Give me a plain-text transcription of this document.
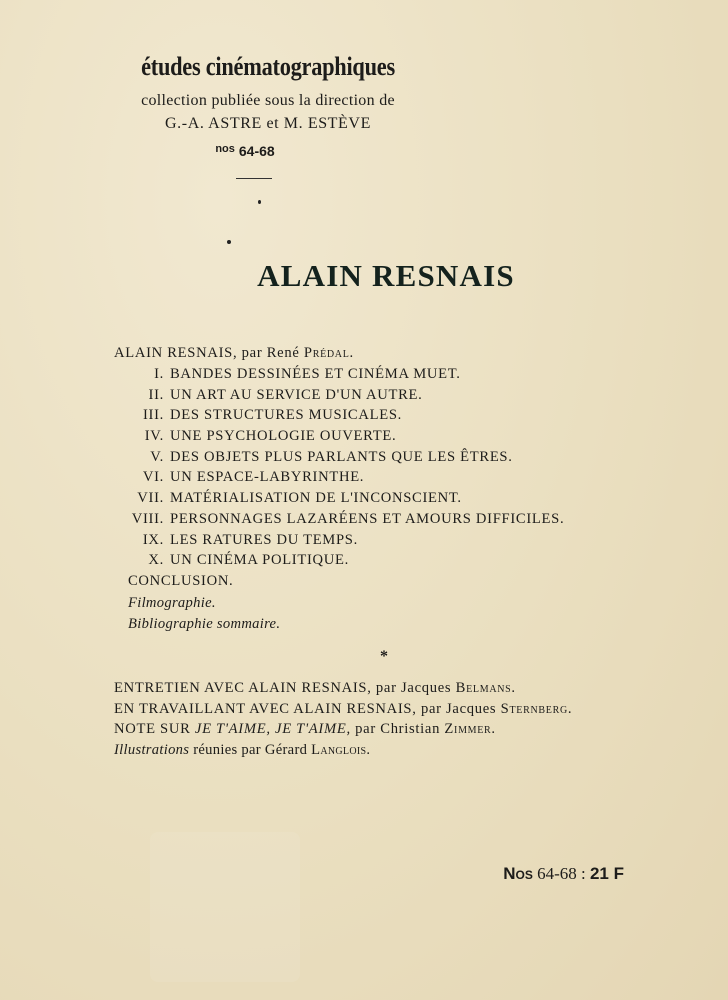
études cinématographiques
collection publiée sous la direction de
G.-A. ASTRE et M. ESTÈVE
$^{nos}$ 64-68
ALAIN RESNAIS
ALAIN RESNAIS, par René Prédal.
I. BANDES DESSINÉES ET CINÉMA MUET.
II. UN ART AU SERVICE D'UN AUTRE.
III. DES STRUCTURES MUSICALES.
IV. UNE PSYCHOLOGIE OUVERTE.
V. DES OBJETS PLUS PARLANTS QUE LES ÊTRES.
VI. UN ESPACE-LABYRINTHE.
VII. MATÉRIALISATION DE L'INCONSCIENT.
VIII. PERSONNAGES LAZARÉENS ET AMOURS DIFFICILES.
IX. LES RATURES DU TEMPS.
X. UN CINÉMA POLITIQUE.
CONCLUSION.
Filmographie.
Bibliographie sommaire.
*
ENTRETIEN AVEC ALAIN RESNAIS, par Jacques Belmans.
EN TRAVAILLANT AVEC ALAIN RESNAIS, par Jacques Sternberg.
NOTE SUR JE T'AIME, JE T'AIME, par Christian Zimmer.
Illustrations réunies par Gérard Langlois.
Nos 64-68 : 21 F
